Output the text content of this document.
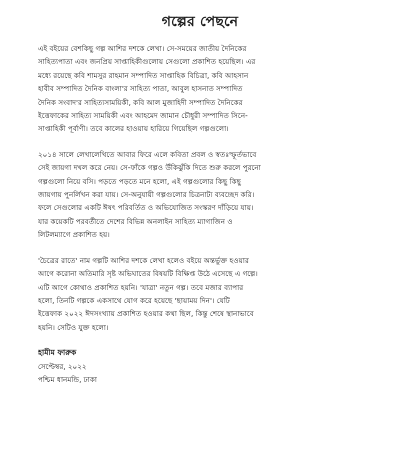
গল্পের পেছনে

এই বইয়ের বেশকিছু গল্প আশির দশকে লেখা। সে-সময়ের জাতীয় দৈনিকের
সাহিত্যপাতা এবং জনপ্রিয় সাপ্তাহিকীগুলোয় সেগুলো প্রকাশিত হয়েছিল। এর
মধ্যে রয়েছে কবি শামসুর রাহমান সম্পাদিত সাপ্তাহিক বিচিত্রা, কবি আহসান
হাবীব সম্পাদিত দৈনিক বাংলা'র সাহিত্য পাতা, আবুল হাসনাত সম্পাদিত
দৈনিক সংবাদ'র সাহিত্যসাময়িকী, কবি আল মুজাহিদী সম্পাদিত দৈনিকের
ইত্তেফাকের সাহিত্য সাময়িকী এবং আহমেদ জামান চৌধুরী সম্পাদিত সিনে-
সাপ্তাহিকী পূর্বাণী। তবে কালের হাওয়ায় হারিয়ে গিয়েছিল গল্পগুলো।

২০১৪ সালে লেখালেখিতে আবার ফিরে এলে কবিতা প্রবল ও স্বতঃস্ফূর্তভাবে
সেই জায়গা দখল করে নেয়। সে-ফাঁকে গল্পও উঁকিঝুঁকি দিতে শুরু করলে পুরনো
গল্পগুলো নিয়ে বসি। পড়তে পড়তে মনে হলো, এই গল্পগুলোর কিছু কিছু
জায়গায় পুনর্লিখন করা যায়। সে-অনুযায়ী গল্পগুলোর চিত্রনাট্য ব্যবচ্ছেদ করি।
ফলে সেগুলোর একটি ঈষৎ পরিবর্তিত ও অভিযোজিত সংস্করণ দাঁড়িয়ে যায়।
যার কয়েকটি পরবর্তীতে দেশের বিভিন্ন অনলাইন সাহিত্য ম্যাগাজিন ও
লিটলম্যাগে প্রকাশিত হয়।

'চৈত্রের রাতে' নাম গল্পটি আশির দশকে লেখা হলেও বইয়ে অন্তর্ভুক্ত হওয়ার
আগে করোনা অতিমারি সৃষ্ট অভিঘাতের বিষয়টি বিক্ষিপ্ত উঠে এসেছে এ গল্পে।
এটি আগে কোথাও প্রকাশিত হয়নি। 'যাত্রা' নতুন গল্প। তবে মজার ব্যাপার
হলো, তিনটি গল্পকে একসাথে যোগ করে হয়েছে 'ছায়াময় দিন'। যেটি
ইত্তেফাক ২০২২ ঈদসংখ্যায় প্রকাশিত হওয়ার কথা ছিল, কিন্তু শেষে স্থানাভাবে
হয়নি। সেটিও যুক্ত হলো।

হামীম ফারুক
সেপ্টেম্বর, ২০২২
পশ্চিম ধানমন্ডি, ঢাকা
